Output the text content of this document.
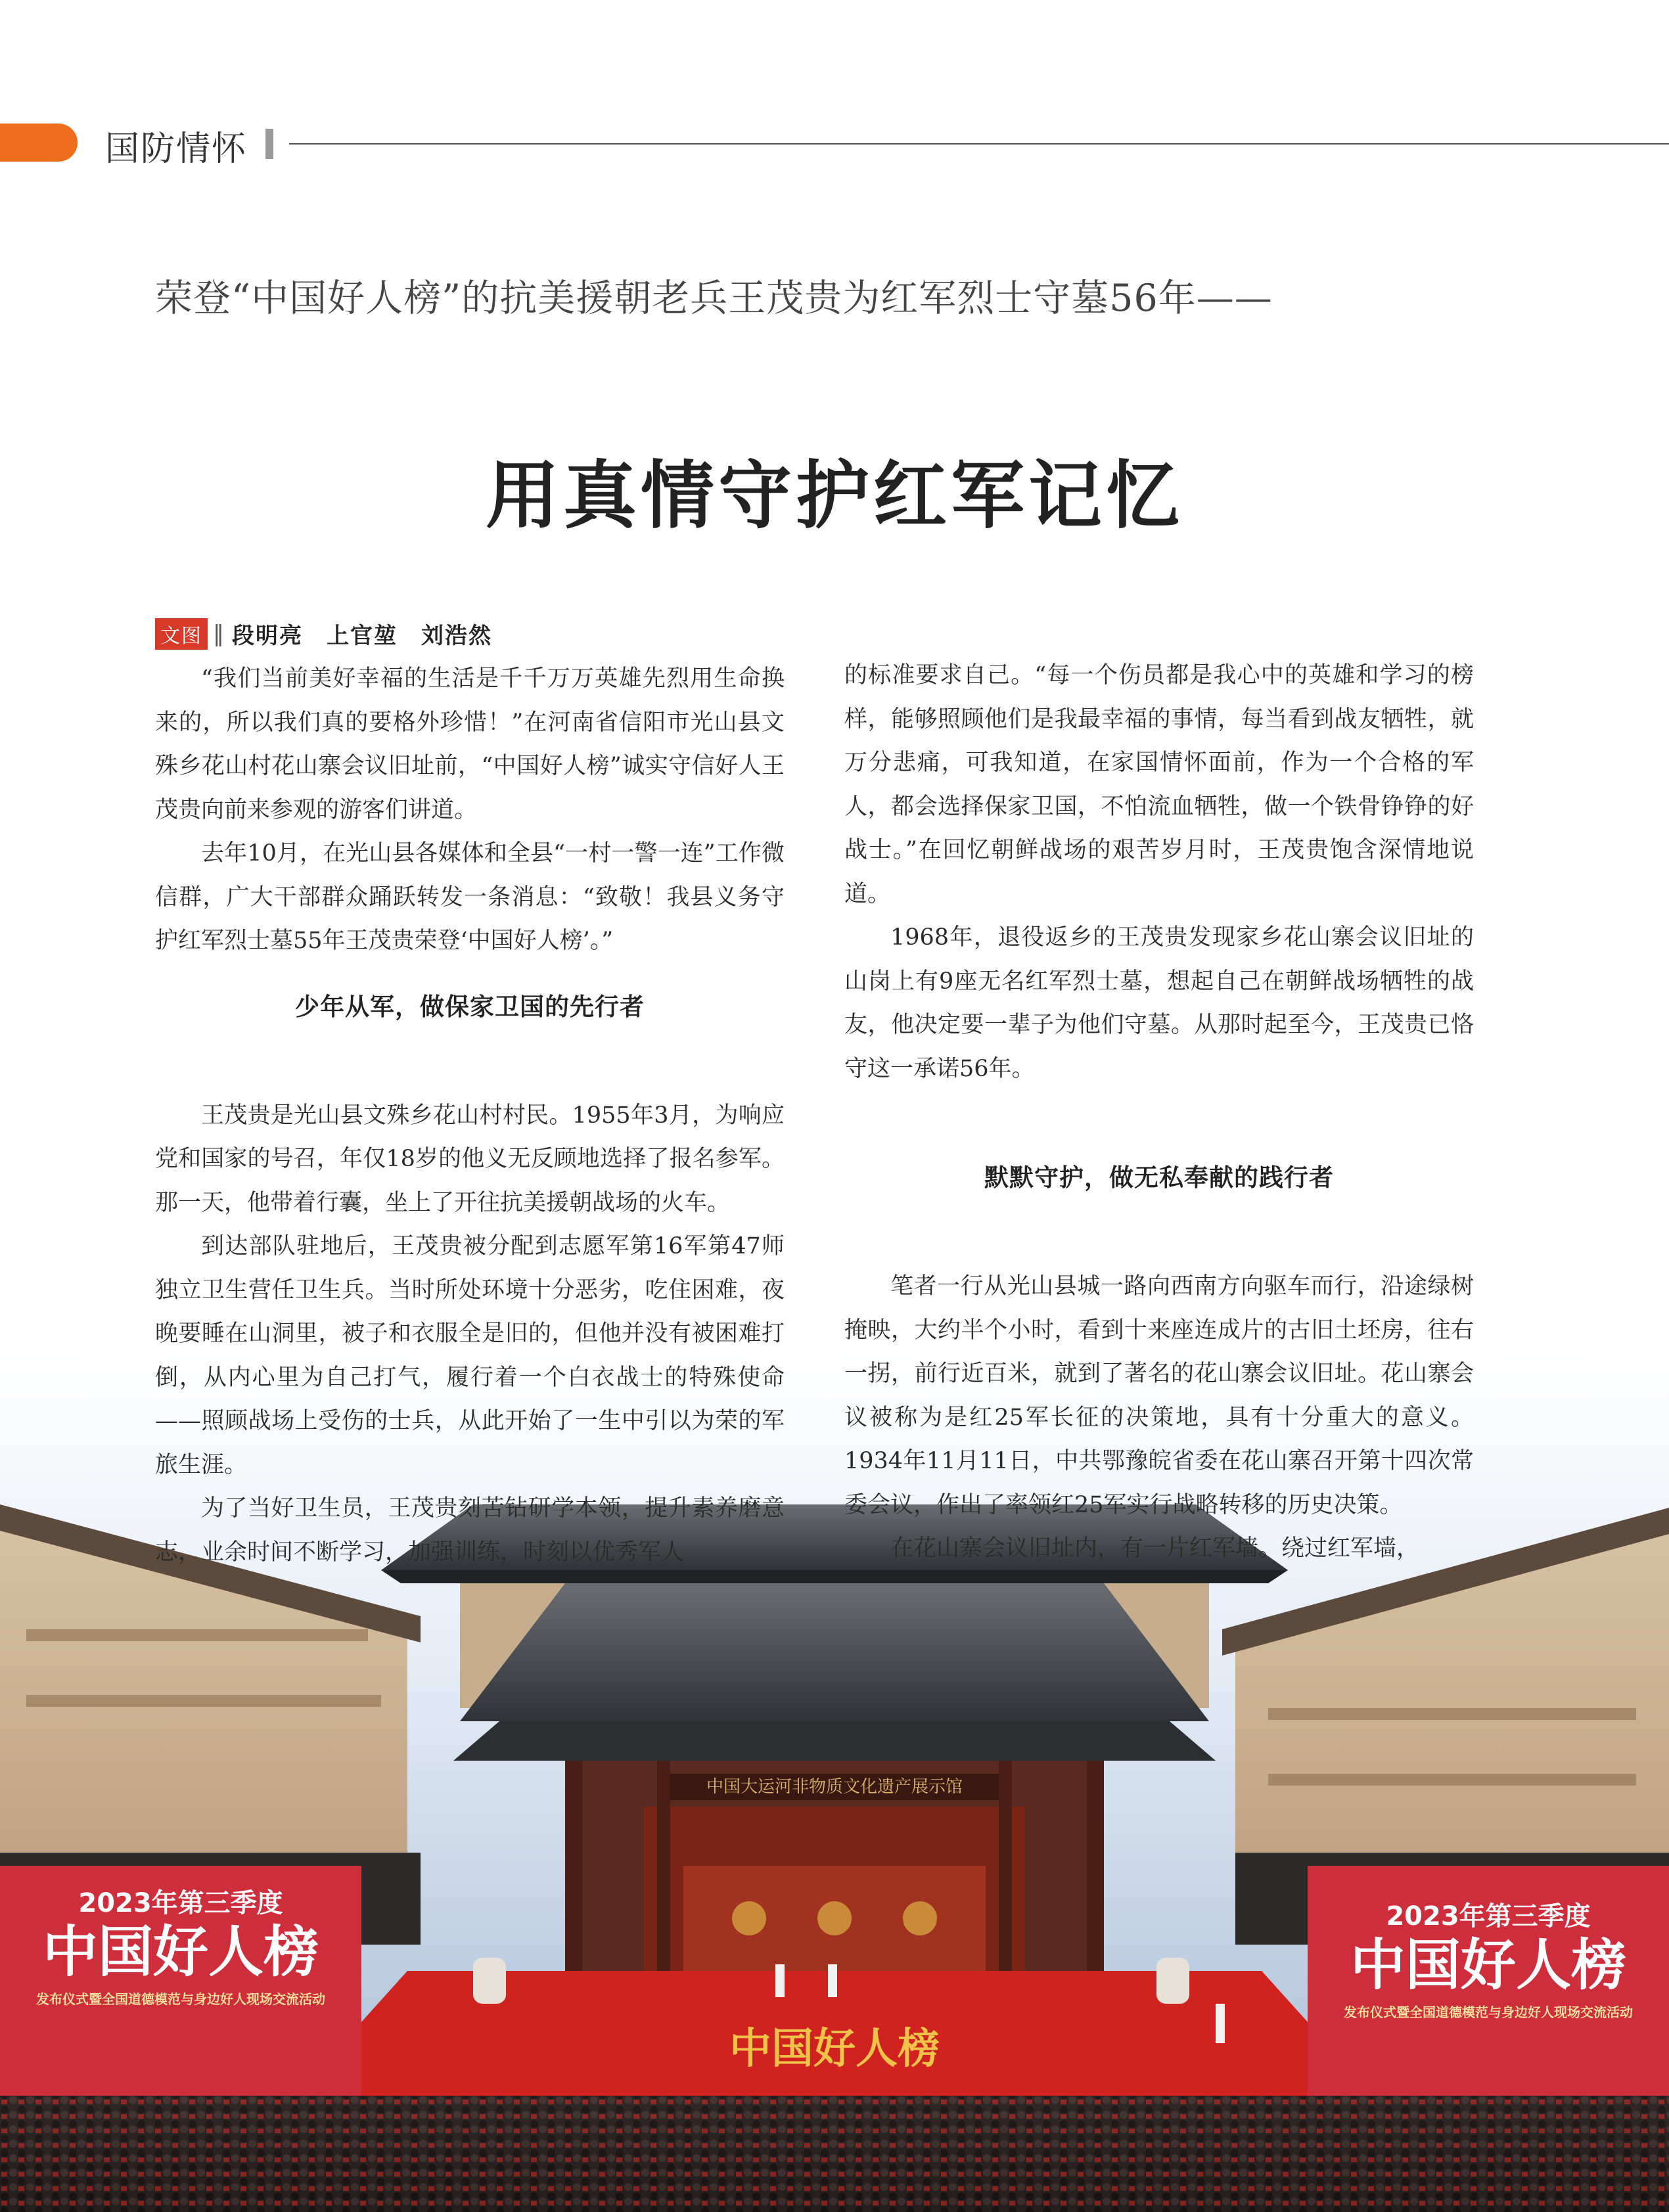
国防情怀
荣登“中国好人榜”的抗美援朝老兵王茂贵为红军烈士守墓56年——
用真情守护红军记忆
文图 ‖ 段明亮　上官堃　刘浩然
中国大运河非物质文化遗产展示馆
中国好人榜
2023年第三季度
中国好人榜
发布仪式暨全国道德模范与身边好人现场交流活动
2023年第三季度
中国好人榜
发布仪式暨全国道德模范与身边好人现场交流活动

“我们当前美好幸福的生活是千千万万英雄先烈用生命换来的，所以我们真的要格外珍惜！”在河南省信阳市光山县文殊乡花山村花山寨会议旧址前，“中国好人榜”诚实守信好人王茂贵向前来参观的游客们讲道。

去年10月，在光山县各媒体和全县“一村一警一连”工作微信群，广大干部群众踊跃转发一条消息：“致敬！我县义务守护红军烈士墓55年王茂贵荣登‘中国好人榜’。”

少年从军，做保家卫国的先行者

王茂贵是光山县文殊乡花山村村民。1955年3月，为响应党和国家的号召，年仅18岁的他义无反顾地选择了报名参军。那一天，他带着行囊，坐上了开往抗美援朝战场的火车。

到达部队驻地后，王茂贵被分配到志愿军第16军第47师独立卫生营任卫生兵。当时所处环境十分恶劣，吃住困难，夜晚要睡在山洞里，被子和衣服全是旧的，但他并没有被困难打倒，从内心里为自己打气，履行着一个白衣战士的特殊使命——照顾战场上受伤的士兵，从此开始了一生中引以为荣的军旅生涯。

为了当好卫生员，王茂贵刻苦钻研学本领，提升素养磨意志，业余时间不断学习，加强训练，时刻以优秀军人

的标准要求自己。“每一个伤员都是我心中的英雄和学习的榜样，能够照顾他们是我最幸福的事情，每当看到战友牺牲，就万分悲痛，可我知道，在家国情怀面前，作为一个合格的军人，都会选择保家卫国，不怕流血牺牲，做一个铁骨铮铮的好战士。”在回忆朝鲜战场的艰苦岁月时，王茂贵饱含深情地说道。

1968年，退役返乡的王茂贵发现家乡花山寨会议旧址的山岗上有9座无名红军烈士墓，想起自己在朝鲜战场牺牲的战友，他决定要一辈子为他们守墓。从那时起至今，王茂贵已恪守这一承诺56年。

默默守护，做无私奉献的践行者

笔者一行从光山县城一路向西南方向驱车而行，沿途绿树掩映，大约半个小时，看到十来座连成片的古旧土坯房，往右一拐，前行近百米，就到了著名的花山寨会议旧址。花山寨会议被称为是红25军长征的决策地，具有十分重大的意义。1934年11月11日，中共鄂豫皖省委在花山寨召开第十四次常委会议，作出了率领红25军实行战略转移的历史决策。

在花山寨会议旧址内，有一片红军墙。绕过红军墙，
